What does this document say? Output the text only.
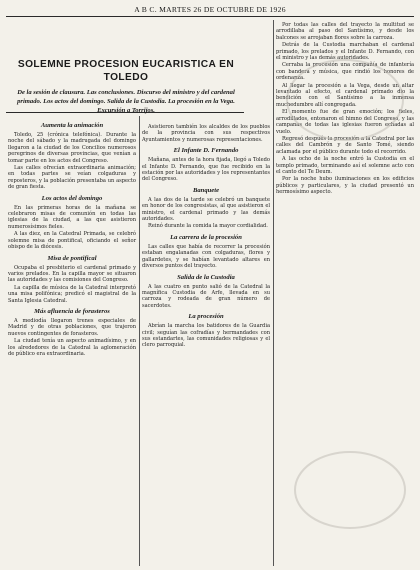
A B C. MARTES 26 DE OCTUBRE DE 1926
SOLEMNE PROCESION EUCARISTICA EN TOLEDO
De la sesión de clausura. Las conclusiones. Discurso del ministro y del cardenal primado. Los actos del domingo. Salida de la Custodia. La procesión en la Vega. Excursión a Torrijos.
Aumenta la animación

Toledo, 25 (crónica telefónica). Durante la noche del sábado y la madrugada del domingo llegaron a la ciudad de los Concilios numerosos peregrinos de diversas provincias, que venían a tomar parte en los actos del Congreso.

Las calles ofrecían extraordinaria animación; en todas partes se veían colgaduras y reposteros, y la población presentaba un aspecto de gran fiesta.

Los actos del domingo

En las primeras horas de la mañana se celebraron misas de comunión en todas las iglesias de la ciudad, a las que asistieron numerosísimos fieles.

A las diez, en la Catedral Primada, se celebró solemne misa de pontifical, oficiando el señor obispo de la diócesis.

Misa de pontifical

Ocupaba el presbiterio el cardenal primado y varios prelados. En la capilla mayor se situaron las autoridades y las comisiones del Congreso.

La capilla de música de la Catedral interpretó una misa polifónica; predicó el magistral de la Santa Iglesia Catedral.

Más afluencia de forasteros

A mediodía llegaron trenes especiales de Madrid y de otras poblaciones, que trajeron nuevos contingentes de forasteros.

La ciudad tenía un aspecto animadísimo, y en los alrededores de la Catedral la aglomeración de público era extraordinaria.

Asistieron también los alcaldes de los pueblos de la provincia con sus respectivos Ayuntamientos y numerosas representaciones.

El Infante D. Fernando

Mañana, antes de la hora fijada, llegó a Toledo el Infante D. Fernando, que fue recibido en la estación por las autoridades y los representantes del Congreso.

Banquete

A las dos de la tarde se celebró un banquete en honor de los congresistas, al que asistieron el ministro, el cardenal primado y las demás autoridades.

Reinó durante la comida la mayor cordialidad.

La carrera de la procesión

Las calles que había de recorrer la procesión estaban engalanadas con colgaduras, flores y gallardetes, y se habían levantado altares en diversos puntos del trayecto.

Salida de la Custodia

A las cuatro en punto salió de la Catedral la magnífica Custodia de Arfe, llevada en su carroza y rodeada de gran número de sacerdotes.

La procesión

Abrían la marcha los batidores de la Guardia civil; seguían las cofradías y hermandades con sus estandartes, las comunidades religiosas y el clero parroquial.

Por todas las calles del trayecto la multitud se arrodillaba al paso del Santísimo, y desde los balcones se arrojaban flores sobre la carroza.

Detrás de la Custodia marchaban el cardenal primado, los prelados y el Infante D. Fernando, con el ministro y las demás autoridades.

Cerraba la procesión una compañía de infantería con bandera y música, que rindió los honores de ordenanza.

Al llegar la procesión a la Vega, desde un altar levantado al efecto, el cardenal primado dio la bendición con el Santísimo a la inmensa muchedumbre allí congregada.

El momento fue de gran emoción; los fieles, arrodillados, entonaron el himno del Congreso, y las campanas de todas las iglesias fueron echadas al vuelo.

Regresó después la procesión a la Catedral por las calles del Cambrón y de Santo Tomé, siendo aclamada por el público durante todo el recorrido.

A las ocho de la noche entró la Custodia en el templo primado, terminando así el solemne acto con el canto del Te Deum.

Por la noche hubo iluminaciones en los edificios públicos y particulares, y la ciudad presentó un hermosísimo aspecto.
